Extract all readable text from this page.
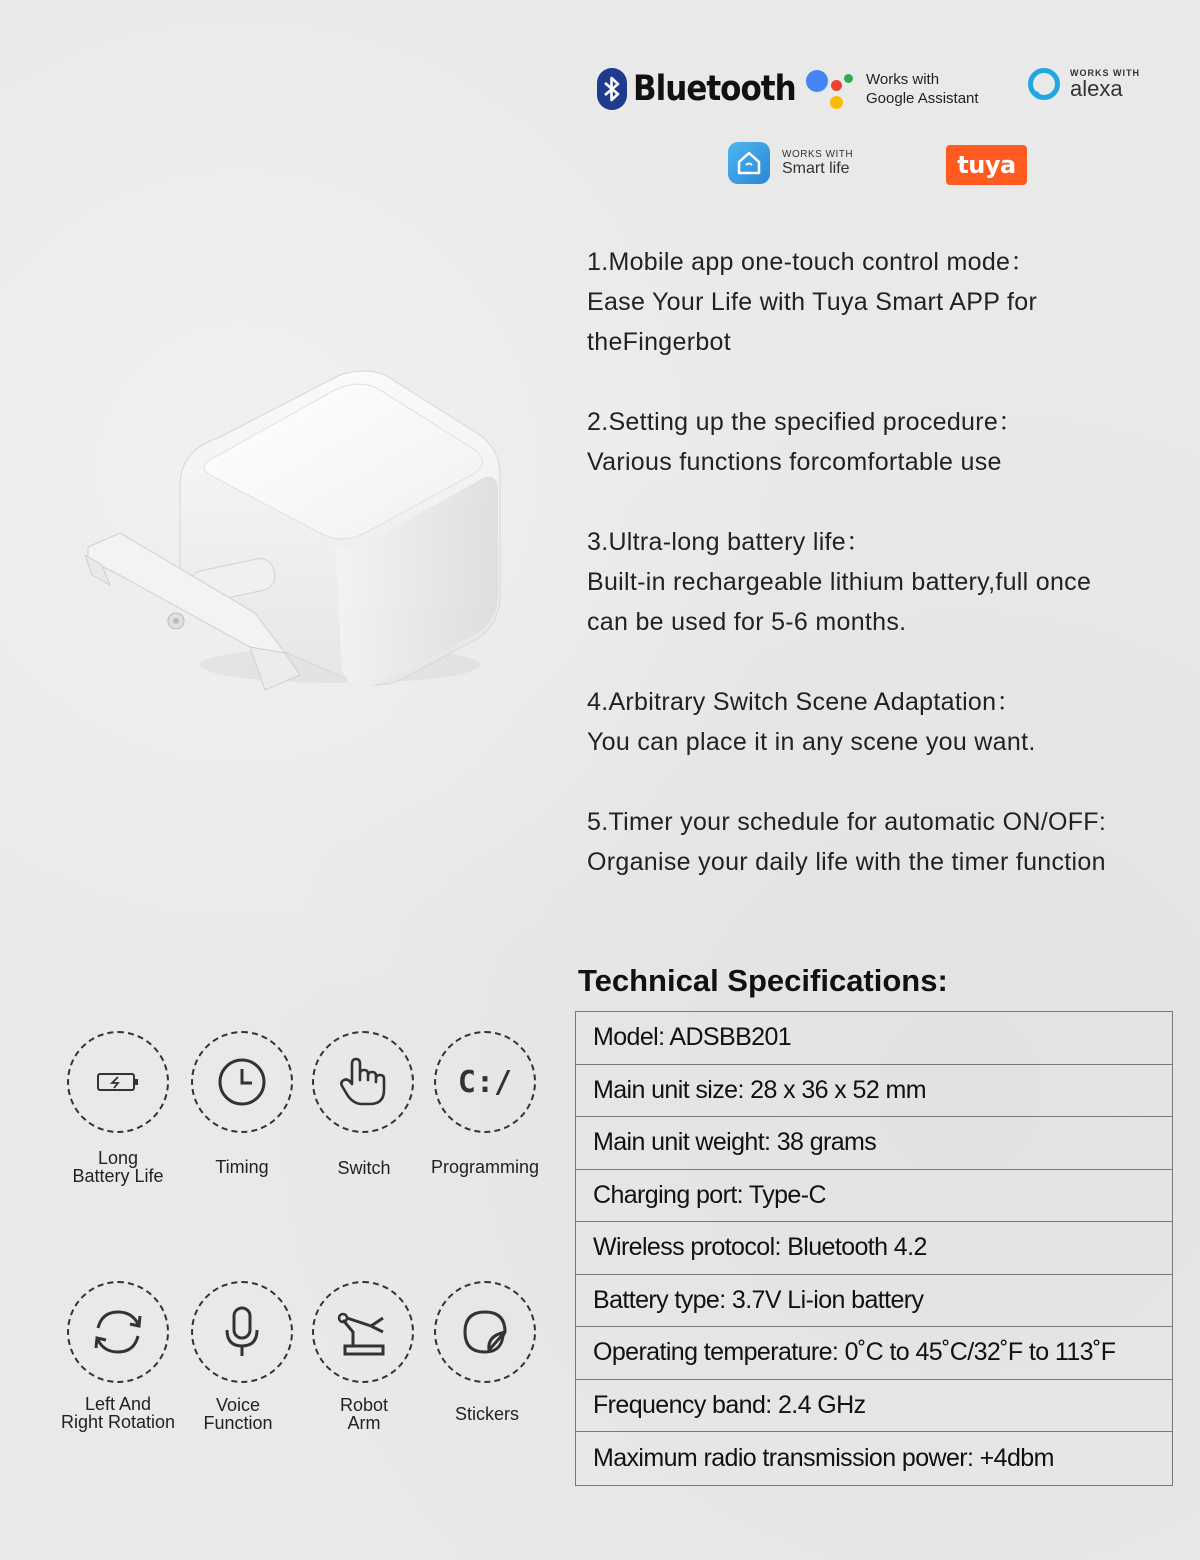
Bluetooth	Works with
Google Assistant
WORKS WITH
alexa
WORKS WITH
Smart life	tuya

1.Mobile app one-touch control mode：

Ease Your Life with Tuya Smart APP for

theFingerbot

2.Setting up the specified procedure：

Various functions forcomfortable use

3.Ultra-long battery life：

Built-in rechargeable lithium battery,full once

can be used for 5-6 months.

4.Arbitrary Switch Scene Adaptation：

You can place it in any scene you want.

5.Timer your schedule for automatic ON/OFF:

Organise your daily life with the timer function

Technical Specifications:
Model: ADSBB201
Main unit size: 28 x 36 x 52 mm
Main unit weight: 38 grams
Charging port: Type-C
Wireless protocol: Bluetooth 4.2
Battery type: 3.7V Li-ion battery
Operating temperature: 0˚C to 45˚C/32˚F to 113˚F
Frequency band: 2.4 GHz
Maximum radio transmission power: +4dbm
Long
Battery Life	Timing	Switch
C:/
Programming
Left And
Right Rotation
Voice
Function
Robot
Arm	Stickers
